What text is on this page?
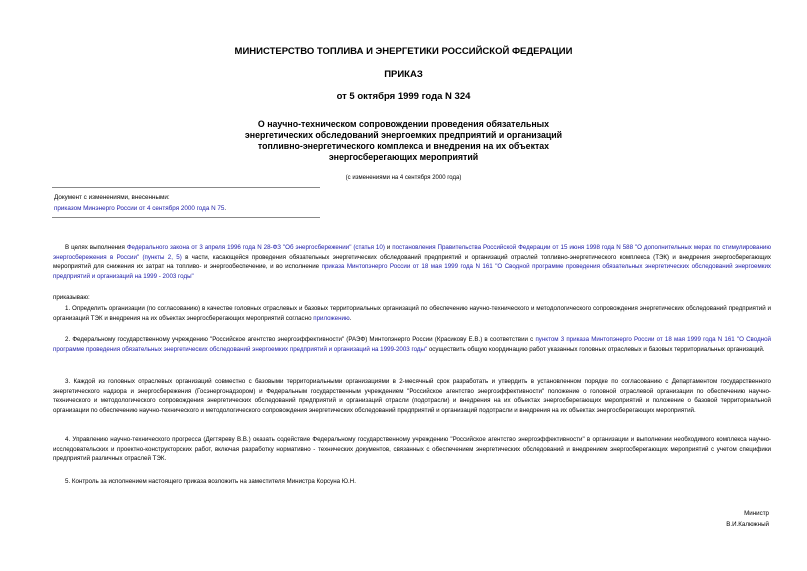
МИНИСТЕРСТВО ТОПЛИВА И ЭНЕРГЕТИКИ РОССИЙСКОЙ ФЕДЕРАЦИИ
ПРИКАЗ
от 5 октября 1999 года N 324
О научно-техническом сопровождении проведения обязательных
энергетических обследований энергоемких предприятий и организаций
топливно-энергетического комплекса и внедрения на их объектах
энергосберегающих мероприятий
(с изменениями на 4 сентября 2000 года)
Документ с изменениями, внесенными:
приказом Минэнерго России от 4 сентября 2000 года N 75.
В целях выполнения Федерального закона от 3 апреля 1996 года N 28-ФЗ "Об энергосбережении" (статья 10) и постановления Правительства Российской Федерации от 15 июня 1998 года N 588 "О дополнительных мерах по стимулированию энергосбережения в России" (пункты 2, 5) в части, касающейся проведения обязательных энергетических обследований предприятий и организаций отраслей топливно-энергетического комплекса (ТЭК) и внедрения энергосберегающих мероприятий для снижения их затрат на топливо- и энергообеспечение, и во исполнение приказа Минтопэнерго России от 18 мая 1999 года N 161 "О Сводной программе проведения обязательных энергетических обследований энергоемких предприятий и организаций на 1999 - 2003 годы"
приказываю:
1. Определить организации (по согласованию) в качестве головных отраслевых и базовых территориальных организаций по обеспечению научно-технического и методологического сопровождения энергетических обследований предприятий и организаций ТЭК и внедрения на их объектах энергосберегающих мероприятий согласно приложению.
2. Федеральному государственному учреждению "Российское агентство энергоэффективности" (РАЭФ) Минтопэнерго России (Красикову Е.В.) в соответствии с пунктом 3 приказа Минтопэнерго России от 18 мая 1999 года N 161 "О Сводной программе проведения обязательных энергетических обследований энергоемких предприятий и организаций на 1999-2003 годы" осуществить общую координацию работ указанных головных отраслевых и базовых территориальных организаций.
3. Каждой из головных отраслевых организаций совместно с базовыми территориальными организациями в 2-месячный срок разработать и утвердить в установленном порядке по согласованию с Департаментом государственного энергетического надзора и энергосбережения (Госэнергонадзором) и Федеральным государственным учреждением "Российское агентство энергоэффективности" положение о головной отраслевой организации по обеспечению научно-технического и методологического сопровождения энергетических обследований предприятий и организаций отрасли (подотрасли) и внедрения на их объектах энергосберегающих мероприятий и положение о базовой территориальной организации по обеспечению научно-технического и методологического сопровождения энергетических обследований предприятий и организаций подотрасли и внедрения на их объектах энергосберегающих мероприятий.
4. Управлению научно-технического прогресса (Дегтяреву В.В.) оказать содействие Федеральному государственному учреждению "Российское агентство энергоэффективности" в организации и выполнении необходимого комплекса научно-исследовательских и проектно-конструкторских работ, включая разработку нормативно - технических документов, связанных с обеспечением энергетических обследований и внедрением энергосберегающих мероприятий с учетом специфики предприятий различных отраслей ТЭК.
5. Контроль за исполнением настоящего приказа возложить на заместителя Министра Корсуна Ю.Н.
Министр
В.И.Калюжный
